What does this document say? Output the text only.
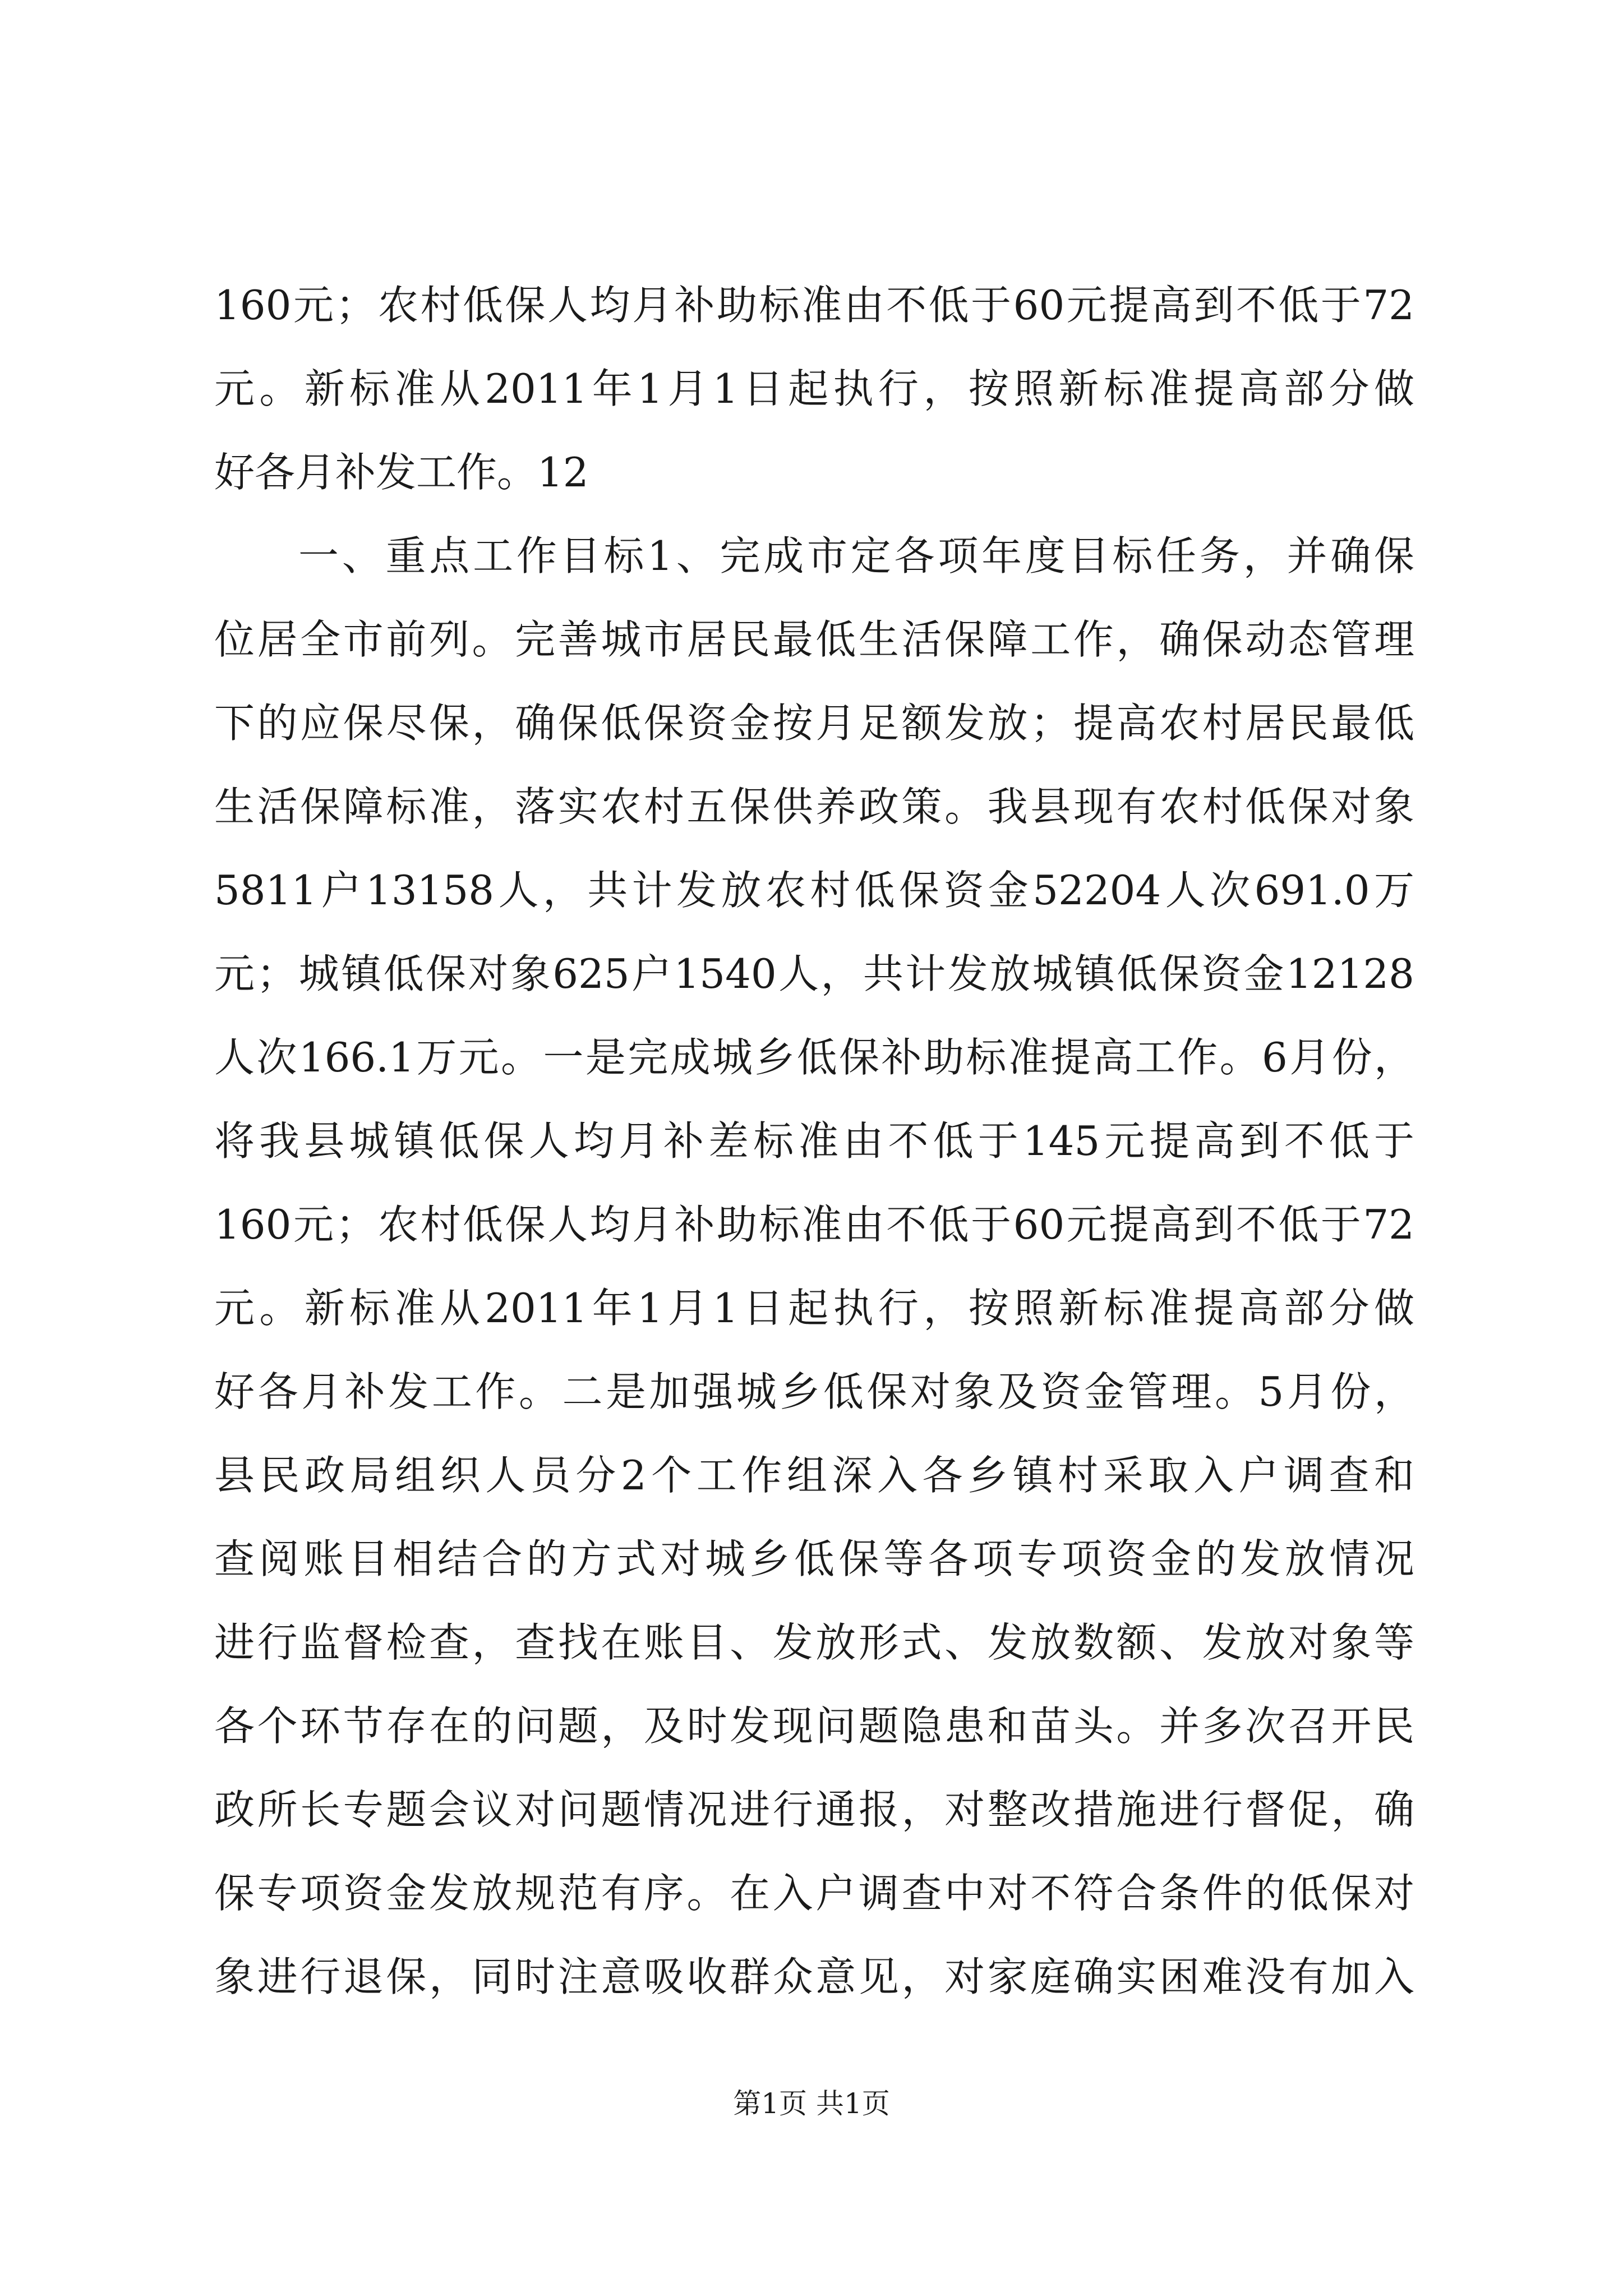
160元；农村低保人均月补助标准由不低于60元提高到不低于72
元。新标准从2011年1月1日起执行，按照新标准提高部分做
好各月补发工作。12
一、重点工作目标1、完成市定各项年度目标任务，并确保
位居全市前列。完善城市居民最低生活保障工作，确保动态管理
下的应保尽保，确保低保资金按月足额发放；提高农村居民最低
生活保障标准，落实农村五保供养政策。我县现有农村低保对象
5811户13158人，共计发放农村低保资金52204人次691.0万
元；城镇低保对象625户1540人，共计发放城镇低保资金12128
人次166.1万元。一是完成城乡低保补助标准提高工作。6月份，
将我县城镇低保人均月补差标准由不低于145元提高到不低于
160元；农村低保人均月补助标准由不低于60元提高到不低于72
元。新标准从2011年1月1日起执行，按照新标准提高部分做
好各月补发工作。二是加强城乡低保对象及资金管理。5月份，
县民政局组织人员分2个工作组深入各乡镇村采取入户调查和
查阅账目相结合的方式对城乡低保等各项专项资金的发放情况
进行监督检查，查找在账目、发放形式、发放数额、发放对象等
各个环节存在的问题，及时发现问题隐患和苗头。并多次召开民
政所长专题会议对问题情况进行通报，对整改措施进行督促，确
保专项资金发放规范有序。在入户调查中对不符合条件的低保对
象进行退保，同时注意吸收群众意见，对家庭确实困难没有加入
第1页 共1页
